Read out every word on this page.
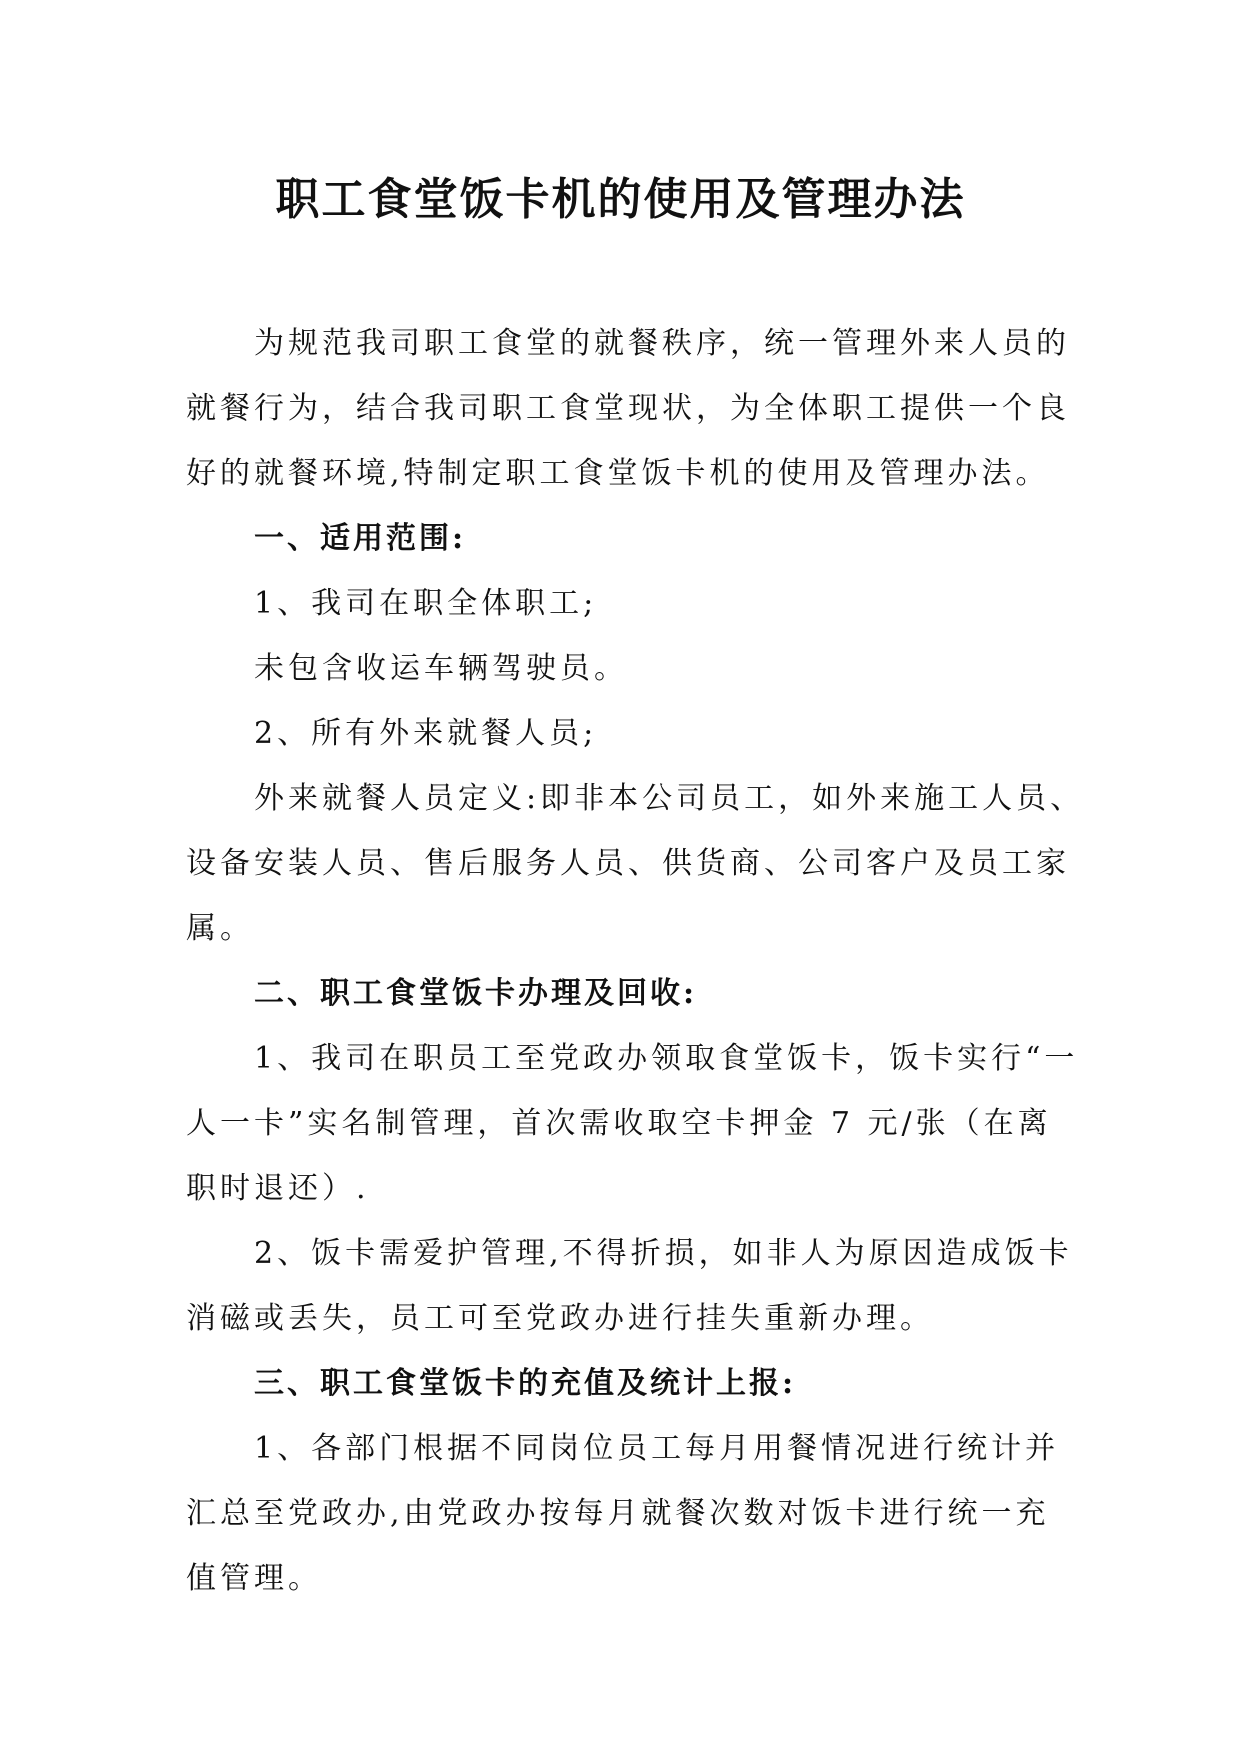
职工食堂饭卡机的使用及管理办法
为规范我司职工食堂的就餐秩序，统一管理外来人员的
就餐行为，结合我司职工食堂现状，为全体职工提供一个良
好的就餐环境,特制定职工食堂饭卡机的使用及管理办法。
一、适用范围:
1、我司在职全体职工;
未包含收运车辆驾驶员。
2、所有外来就餐人员;
外来就餐人员定义:即非本公司员工，如外来施工人员、
设备安装人员、售后服务人员、供货商、公司客户及员工家
属。
二、职工食堂饭卡办理及回收:
1、我司在职员工至党政办领取食堂饭卡，饭卡实行“一
人一卡”实名制管理，首次需收取空卡押金 7 元/张（在离
职时退还）.
2、饭卡需爱护管理,不得折损，如非人为原因造成饭卡
消磁或丢失，员工可至党政办进行挂失重新办理。
三、职工食堂饭卡的充值及统计上报:
1、各部门根据不同岗位员工每月用餐情况进行统计并
汇总至党政办,由党政办按每月就餐次数对饭卡进行统一充
值管理。
